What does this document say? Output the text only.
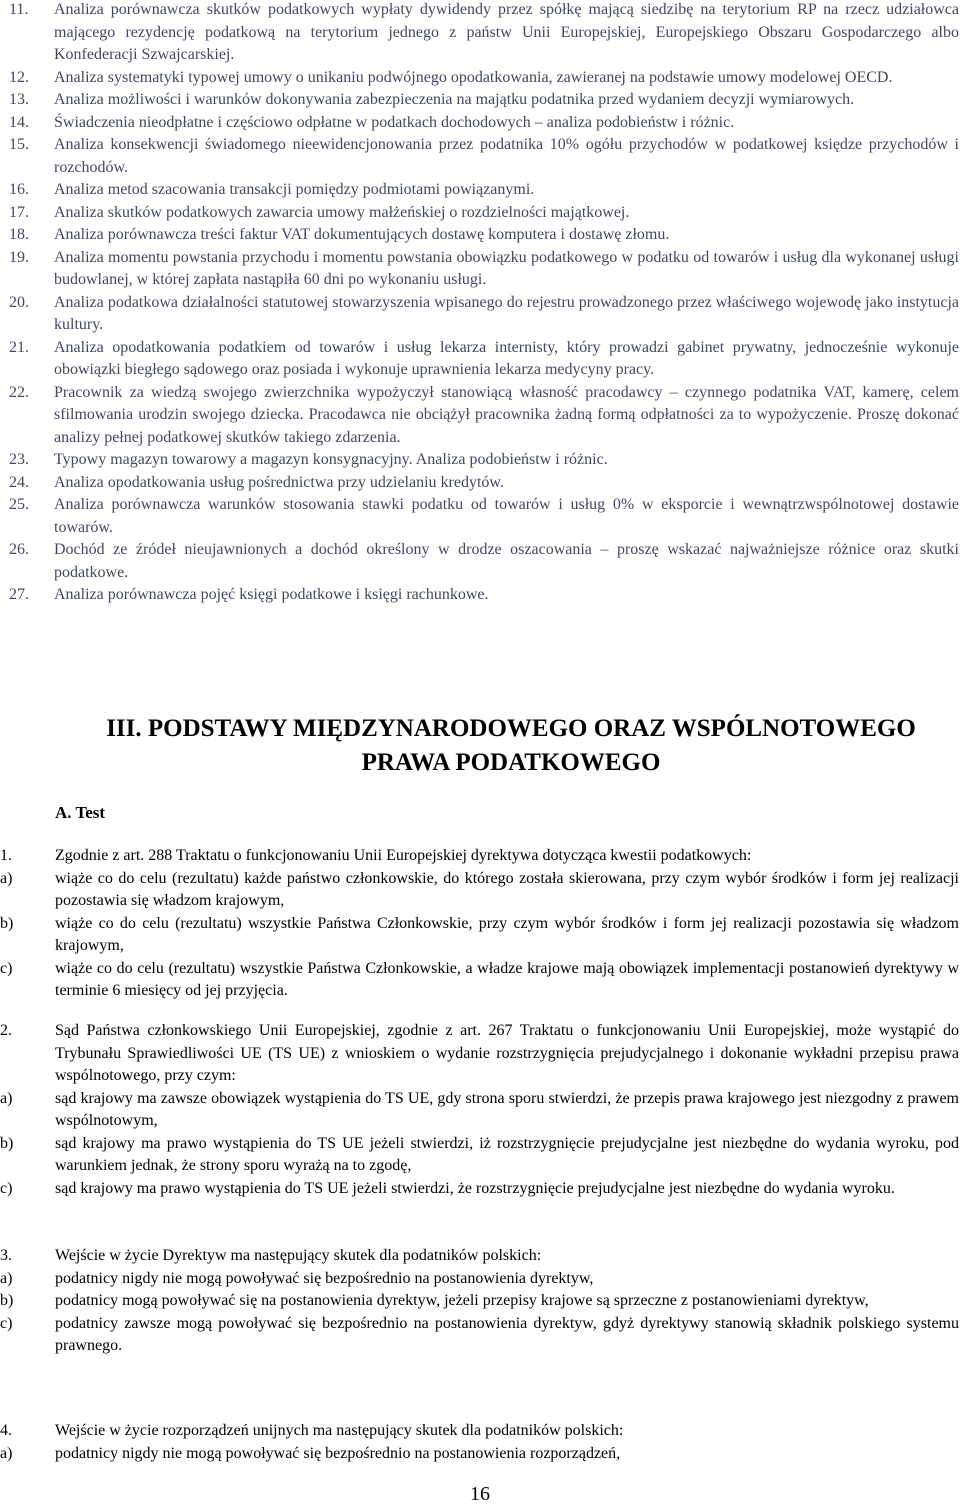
11.	Analiza porównawcza skutków podatkowych wypłaty dywidendy przez spółkę mającą siedzibę na terytorium RP na rzecz udziałowca mającego rezydencję podatkową na terytorium jednego z państw Unii Europejskiej, Europejskiego Obszaru Gospodarczego albo Konfederacji Szwajcarskiej.
12.	Analiza systematyki typowej umowy o unikaniu podwójnego opodatkowania, zawieranej na podstawie umowy modelowej OECD.
13.	Analiza możliwości i warunków dokonywania zabezpieczenia na majątku podatnika przed wydaniem decyzji wymiarowych.
14.	Świadczenia nieodpłatne i częściowo odpłatne w podatkach dochodowych – analiza podobieństw i różnic.
15.	Analiza konsekwencji świadomego nieewidencjonowania przez podatnika 10% ogółu przychodów w podatkowej księdze przychodów i rozchodów.
16.	Analiza metod szacowania transakcji pomiędzy podmiotami powiązanymi.
17.	Analiza skutków podatkowych zawarcia umowy małżeńskiej o rozdzielności majątkowej.
18.	Analiza porównawcza treści faktur VAT dokumentujących dostawę komputera i dostawę złomu.
19.	Analiza momentu powstania przychodu i momentu powstania obowiązku podatkowego w podatku od towarów i usług dla wykonanej usługi budowlanej, w której zapłata nastąpiła 60 dni po wykonaniu usługi.
20.	Analiza podatkowa działalności statutowej stowarzyszenia wpisanego do rejestru prowadzonego przez właściwego wojewodę jako instytucja kultury.
21.	Analiza opodatkowania podatkiem od towarów i usług lekarza internisty, który prowadzi gabinet prywatny, jednocześnie wykonuje obowiązki biegłego sądowego oraz posiada i wykonuje uprawnienia lekarza medycyny pracy.
22.	Pracownik za wiedzą swojego zwierzchnika wypożyczył stanowiącą własność pracodawcy – czynnego podatnika VAT, kamerę, celem sfilmowania urodzin swojego dziecka. Pracodawca nie obciążył pracownika żadną formą odpłatności za to wypożyczenie. Proszę dokonać analizy pełnej podatkowej skutków takiego zdarzenia.
23.	Typowy magazyn towarowy a magazyn konsygnacyjny. Analiza podobieństw i różnic.
24.	Analiza opodatkowania usług pośrednictwa przy udzielaniu kredytów.
25.	Analiza porównawcza warunków stosowania stawki podatku od towarów i usług 0% w eksporcie i wewnątrzwspólnotowej dostawie towarów.
26.	Dochód ze źródeł nieujawnionych a dochód określony w drodze oszacowania – proszę wskazać najważniejsze różnice oraz skutki podatkowe.
27.	Analiza porównawcza pojęć księgi podatkowe i księgi rachunkowe.
III. PODSTAWY MIĘDZYNARODOWEGO ORAZ WSPÓLNOTOWEGO
PRAWA PODATKOWEGO
A. Test
1.	Zgodnie z art. 288 Traktatu o funkcjonowaniu Unii Europejskiej dyrektywa dotycząca kwestii podatkowych:
a)	wiąże co do celu (rezultatu) każde państwo członkowskie, do którego została skierowana, przy czym wybór środków i form jej realizacji pozostawia się władzom krajowym,
b)	wiąże co do celu (rezultatu) wszystkie Państwa Członkowskie, przy czym wybór środków i form jej realizacji pozostawia się władzom krajowym,
c)	wiąże co do celu (rezultatu) wszystkie Państwa Członkowskie, a władze krajowe mają obowiązek implementacji postanowień dyrektywy w terminie 6 miesięcy od jej przyjęcia.
2.	Sąd Państwa członkowskiego Unii Europejskiej, zgodnie z art. 267 Traktatu o funkcjonowaniu Unii Europejskiej, może wystąpić do Trybunału Sprawiedliwości UE (TS UE) z wnioskiem o wydanie rozstrzygnięcia prejudycjalnego i dokonanie wykładni przepisu prawa wspólnotowego, przy czym:
a)	sąd krajowy ma zawsze obowiązek wystąpienia do TS UE, gdy strona sporu stwierdzi, że przepis prawa krajowego jest niezgodny z prawem wspólnotowym,
b)	sąd krajowy ma prawo wystąpienia do TS UE jeżeli stwierdzi, iż rozstrzygnięcie prejudycjalne jest niezbędne do wydania wyroku, pod warunkiem jednak, że strony sporu wyrażą na to zgodę,
c)	sąd krajowy ma prawo wystąpienia do TS UE jeżeli stwierdzi, że rozstrzygnięcie prejudycjalne jest niezbędne do wydania wyroku.
3.	Wejście w życie Dyrektyw ma następujący skutek dla podatników polskich:
a)	podatnicy nigdy nie mogą powoływać się bezpośrednio na postanowienia dyrektyw,
b)	podatnicy mogą powoływać się na postanowienia dyrektyw, jeżeli przepisy krajowe są sprzeczne z postanowieniami dyrektyw,
c)	podatnicy zawsze mogą powoływać się bezpośrednio na postanowienia dyrektyw, gdyż dyrektywy stanowią składnik polskiego systemu prawnego.
4.	Wejście w życie rozporządzeń unijnych ma następujący skutek dla podatników polskich:
a)	podatnicy nigdy nie mogą powoływać się bezpośrednio na postanowienia rozporządzeń,
16
